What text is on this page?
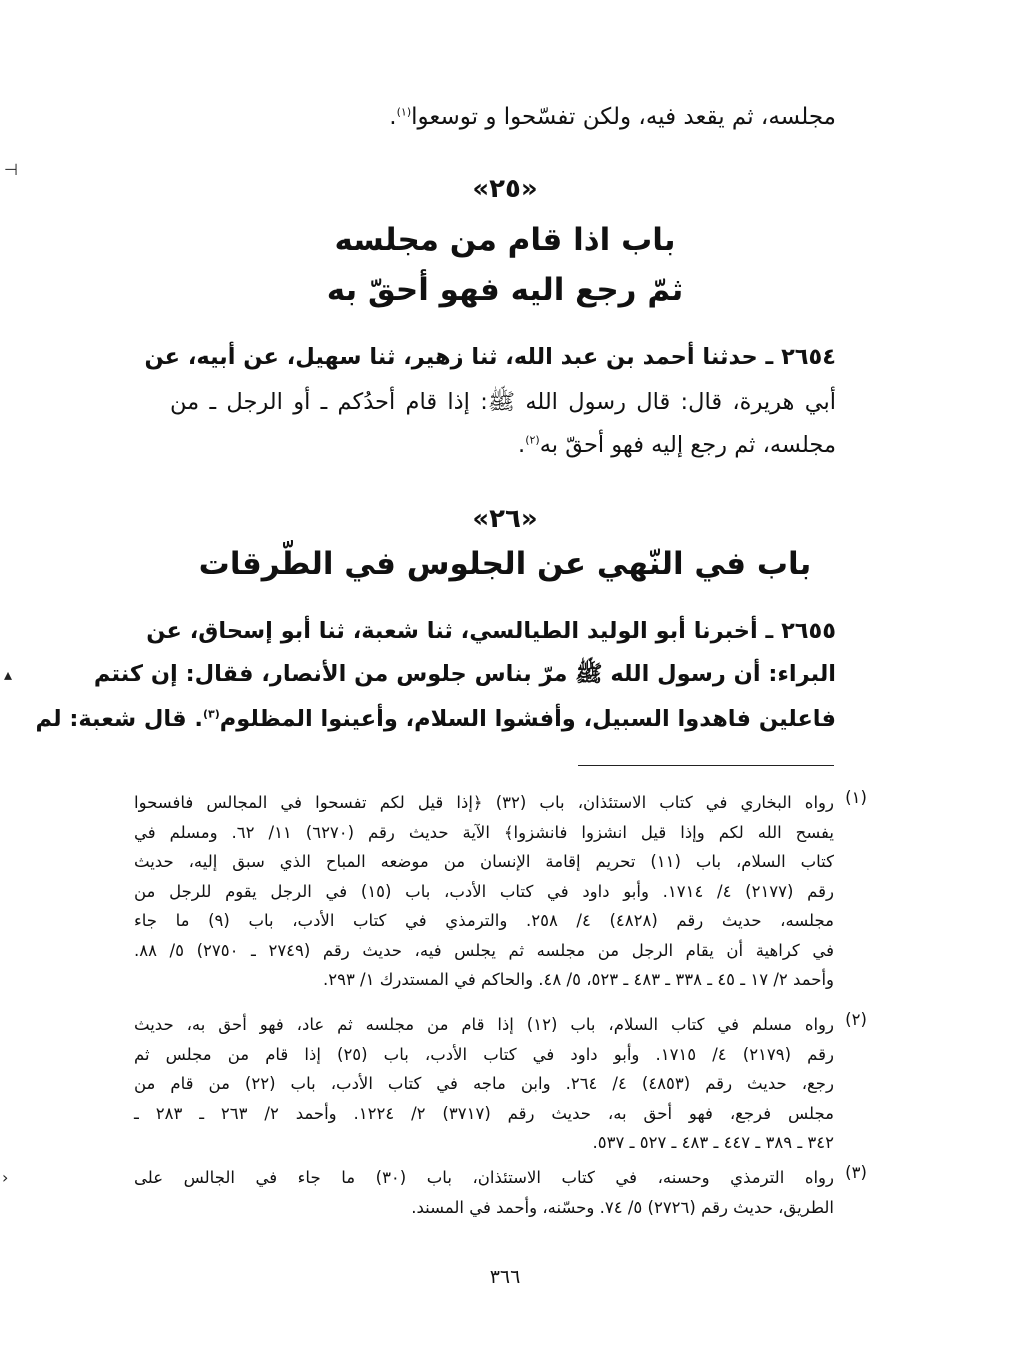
⊢
▴
‹
مجلسه، ثم يقعد فيه، ولكن تفسّحوا و توسعوا$^{(١)}$.
«٢٥»
باب اذا قام من مجلسه
ثمّ رجع اليه فهو أحقّ به
٢٦٥٤ ـ حدثنا أحمد بن عبد الله، ثنا زهير، ثنا سهيل، عن أبيه، عن
أبي هريرة، قال: قال رسول الله ﷺ: إذا قام أحدُكم ـ أو الرجل ـ من
مجلسه، ثم رجع إليه فهو أحقّ به$^{(٢)}$.
«٢٦»
باب في النّهي عن الجلوس في الطّرقات
٢٦٥٥ ـ أخبرنا أبو الوليد الطيالسي، ثنا شعبة، ثنا أبو إسحاق، عن
البراء: أن رسول الله ﷺ مرّ بناس جلوس من الأنصار، فقال: إن كنتم
فاعلين فاهدوا السبيل، وأفشوا السلام، وأعينوا المظلوم$^{(٣)}$. قال شعبة: لم
(١)
رواه البخاري في كتاب الاستئذان، باب (٣٢) ﴿إذا قيل لكم تفسحوا في المجالس فافسحوا
يفسح الله لكم وإذا قيل انشزوا فانشزوا﴾ الآية حديث رقم (٦٢٧٠) ١١/ ٦٢. ومسلم في
كتاب السلام، باب (١١) تحريم إقامة الإنسان من موضعه المباح الذي سبق إليه، حديث
رقم (٢١٧٧) ٤/ ١٧١٤. وأبو داود في كتاب الأدب، باب (١٥) في الرجل يقوم للرجل من
مجلسه، حديث رقم (٤٨٢٨) ٤/ ٢٥٨. والترمذي في كتاب الأدب، باب (٩) ما جاء
في كراهية أن يقام الرجل من مجلسه ثم يجلس فيه، حديث رقم (٢٧٤٩ ـ ٢٧٥٠) ٥/ ٨٨.
وأحمد ٢/ ١٧ ـ ٤٥ ـ ٣٣٨ ـ ٤٨٣ ـ ٥٢٣، ٥/ ٤٨. والحاكم في المستدرك ١/ ٢٩٣.
(٢)
رواه مسلم في كتاب السلام، باب (١٢) إذا قام من مجلسه ثم عاد، فهو أحق به، حديث
رقم (٢١٧٩) ٤/ ١٧١٥. وأبو داود في كتاب الأدب، باب (٢٥) إذا قام من مجلس ثم
رجع، حديث رقم (٤٨٥٣) ٤/ ٢٦٤. وابن ماجه في كتاب الأدب، باب (٢٢) من قام من
مجلس فرجع، فهو أحق به، حديث رقم (٣٧١٧) ٢/ ١٢٢٤. وأحمد ٢/ ٢٦٣ ـ ٢٨٣ ـ
٣٤٢ ـ ٣٨٩ ـ ٤٤٧ ـ ٤٨٣ ـ ٥٢٧ ـ ٥٣٧.
(٣)
رواه الترمذي وحسنه، في كتاب الاستئذان، باب (٣٠) ما جاء في الجالس على
الطريق، حديث رقم (٢٧٢٦) ٥/ ٧٤. وحسّنه، وأحمد في المسند.
٣٦٦
